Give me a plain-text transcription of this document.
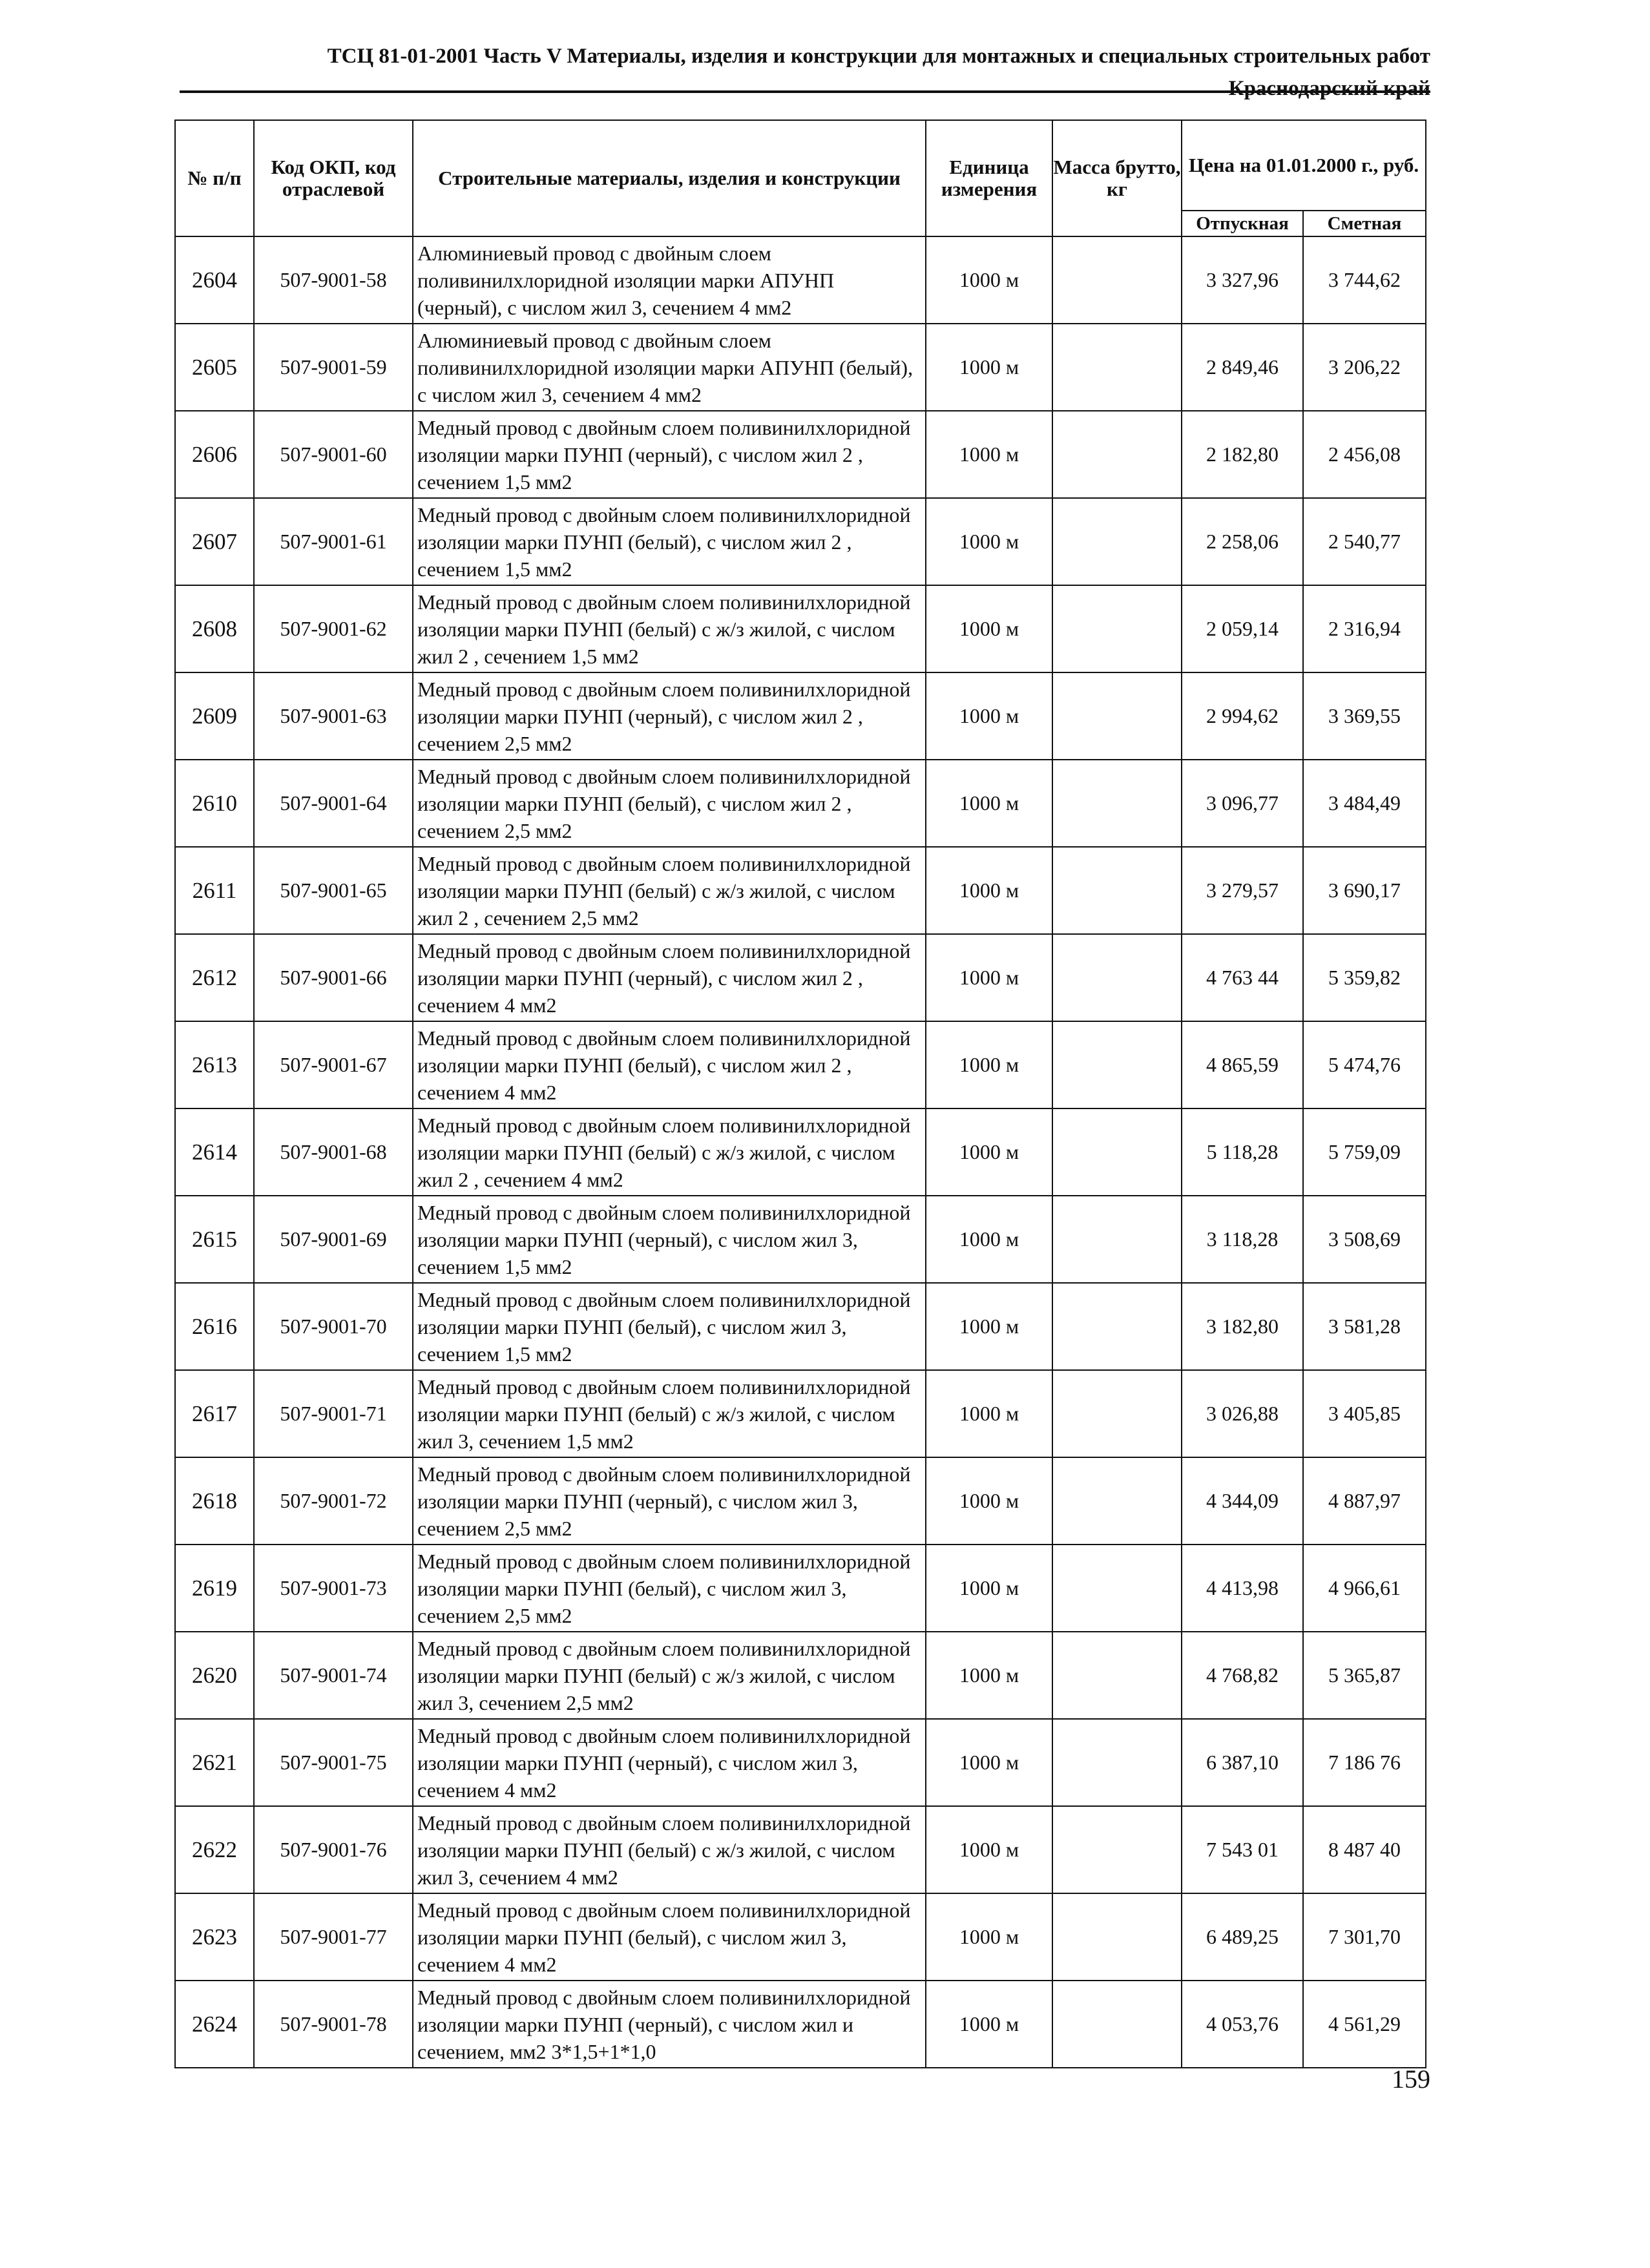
ТСЦ 81-01-2001 Часть V Материалы, изделия и конструкции для монтажных и специальных строительных работ
Краснодарский край
№ п/п	Код ОКП, код отраслевой	Строительные материалы, изделия и конструкции	Единица измерения	Масса брутто, кг	Цена на 01.01.2000 г., руб.	
					Отпускная	Сметная
2604	507-9001-58	Алюминиевый провод с двойным слоем поливинилхлоридной изоляции марки АПУНП (черный), с числом жил 3, сечением 4 мм2	1000 м		3 327,96	3 744,62
2605	507-9001-59	Алюминиевый провод с двойным слоем поливинилхлоридной изоляции марки АПУНП (белый), с числом жил 3, сечением 4 мм2	1000 м		2 849,46	3 206,22
2606	507-9001-60	Медный провод с двойным слоем поливинилхлоридной изоляции марки ПУНП (черный), с числом жил 2 , сечением 1,5 мм2	1000 м		2 182,80	2 456,08
2607	507-9001-61	Медный провод с двойным слоем поливинилхлоридной изоляции марки ПУНП (белый), с числом жил 2 , сечением 1,5 мм2	1000 м		2 258,06	2 540,77
2608	507-9001-62	Медный провод с двойным слоем поливинилхлоридной изоляции марки ПУНП (белый) с ж/з жилой, с числом жил 2 , сечением 1,5 мм2	1000 м		2 059,14	2 316,94
2609	507-9001-63	Медный провод с двойным слоем поливинилхлоридной изоляции марки ПУНП (черный), с числом жил 2 , сечением 2,5 мм2	1000 м		2 994,62	3 369,55
2610	507-9001-64	Медный провод с двойным слоем поливинилхлоридной изоляции марки ПУНП (белый), с числом жил 2 , сечением 2,5 мм2	1000 м		3 096,77	3 484,49
2611	507-9001-65	Медный провод с двойным слоем поливинилхлоридной изоляции марки ПУНП (белый) с ж/з жилой, с числом жил 2 , сечением 2,5 мм2	1000 м		3 279,57	3 690,17
2612	507-9001-66	Медный провод с двойным слоем поливинилхлоридной изоляции марки ПУНП (черный), с числом жил 2 , сечением 4 мм2	1000 м		4 763 44	5 359,82
2613	507-9001-67	Медный провод с двойным слоем поливинилхлоридной изоляции марки ПУНП (белый), с числом жил 2 , сечением 4 мм2	1000 м		4 865,59	5 474,76
2614	507-9001-68	Медный провод с двойным слоем поливинилхлоридной изоляции марки ПУНП (белый) с ж/з жилой, с числом жил 2 , сечением 4 мм2	1000 м		5 118,28	5 759,09
2615	507-9001-69	Медный провод с двойным слоем поливинилхлоридной изоляции марки ПУНП (черный), с числом жил 3, сечением 1,5 мм2	1000 м		3 118,28	3 508,69
2616	507-9001-70	Медный провод с двойным слоем поливинилхлоридной изоляции марки ПУНП (белый), с числом жил 3, сечением 1,5 мм2	1000 м		3 182,80	3 581,28
2617	507-9001-71	Медный провод с двойным слоем поливинилхлоридной изоляции марки ПУНП (белый) с ж/з жилой, с числом жил 3, сечением 1,5 мм2	1000 м		3 026,88	3 405,85
2618	507-9001-72	Медный провод с двойным слоем поливинилхлоридной изоляции марки ПУНП (черный), с числом жил 3, сечением 2,5 мм2	1000 м		4 344,09	4 887,97
2619	507-9001-73	Медный провод с двойным слоем поливинилхлоридной изоляции марки ПУНП (белый), с числом жил 3, сечением 2,5 мм2	1000 м		4 413,98	4 966,61
2620	507-9001-74	Медный провод с двойным слоем поливинилхлоридной изоляции марки ПУНП (белый) с ж/з жилой, с числом жил 3, сечением 2,5 мм2	1000 м		4 768,82	5 365,87
2621	507-9001-75	Медный провод с двойным слоем поливинилхлоридной изоляции марки ПУНП (черный), с числом жил 3, сечением 4 мм2	1000 м		6 387,10	7 186 76
2622	507-9001-76	Медный провод с двойным слоем поливинилхлоридной изоляции марки ПУНП (белый) с ж/з жилой, с числом жил 3, сечением 4 мм2	1000 м		7 543 01	8 487 40
2623	507-9001-77	Медный провод с двойным слоем поливинилхлоридной изоляции марки ПУНП (белый), с числом жил 3, сечением 4 мм2	1000 м		6 489,25	7 301,70
2624	507-9001-78	Медный провод с двойным слоем поливинилхлоридной изоляции марки ПУНП (черный), с числом жил и сечением, мм2 3*1,5+1*1,0	1000 м		4 053,76	4 561,29
159
